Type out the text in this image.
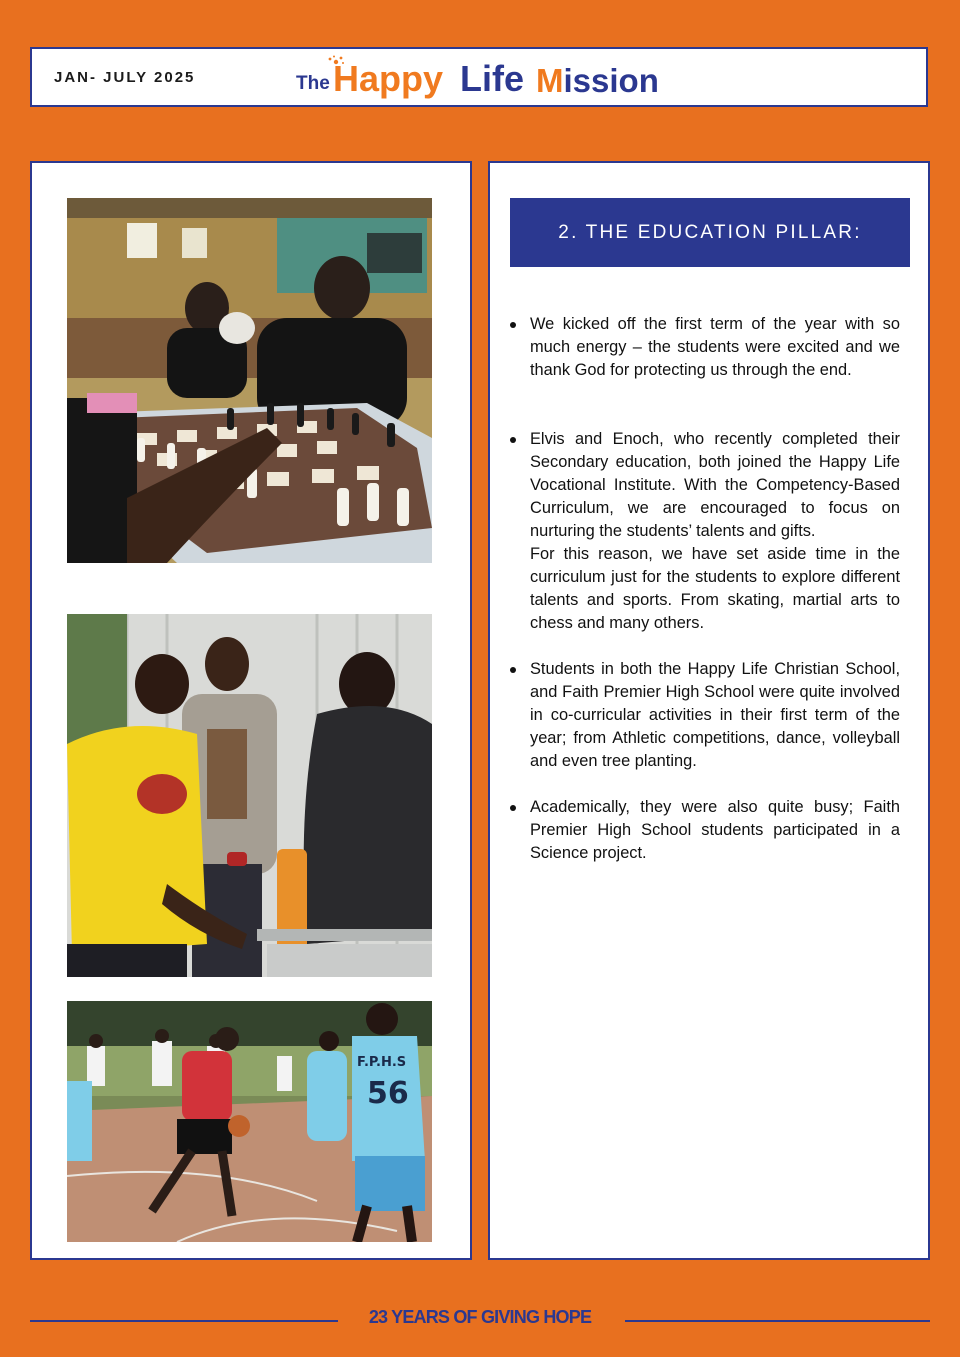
JAN- JULY 2025	The Happy Life Mission
F.P.H.S
56
2. THE EDUCATION PILLAR:

We kicked off the first term of the year with so much energy – the students were excited and we thank God for protecting us through the end.

Elvis and Enoch, who recently completed their Secondary education, both joined the Happy Life Vocational Institute. With the Competency-Based Curriculum, we are encouraged to focus on nurturing the students’ talents and gifts.

For this reason, we have set aside time in the curriculum just for the students to explore different talents and sports. From skating, martial arts to chess and many others.

Students in both the Happy Life Christian School, and Faith Premier High School were quite involved in co-curricular activities in their first term of the year; from Athletic competitions, dance, volleyball and even tree planting.

Academically, they were also quite busy; Faith Premier High School students participated in a Science project.

23 YEARS OF GIVING HOPE
